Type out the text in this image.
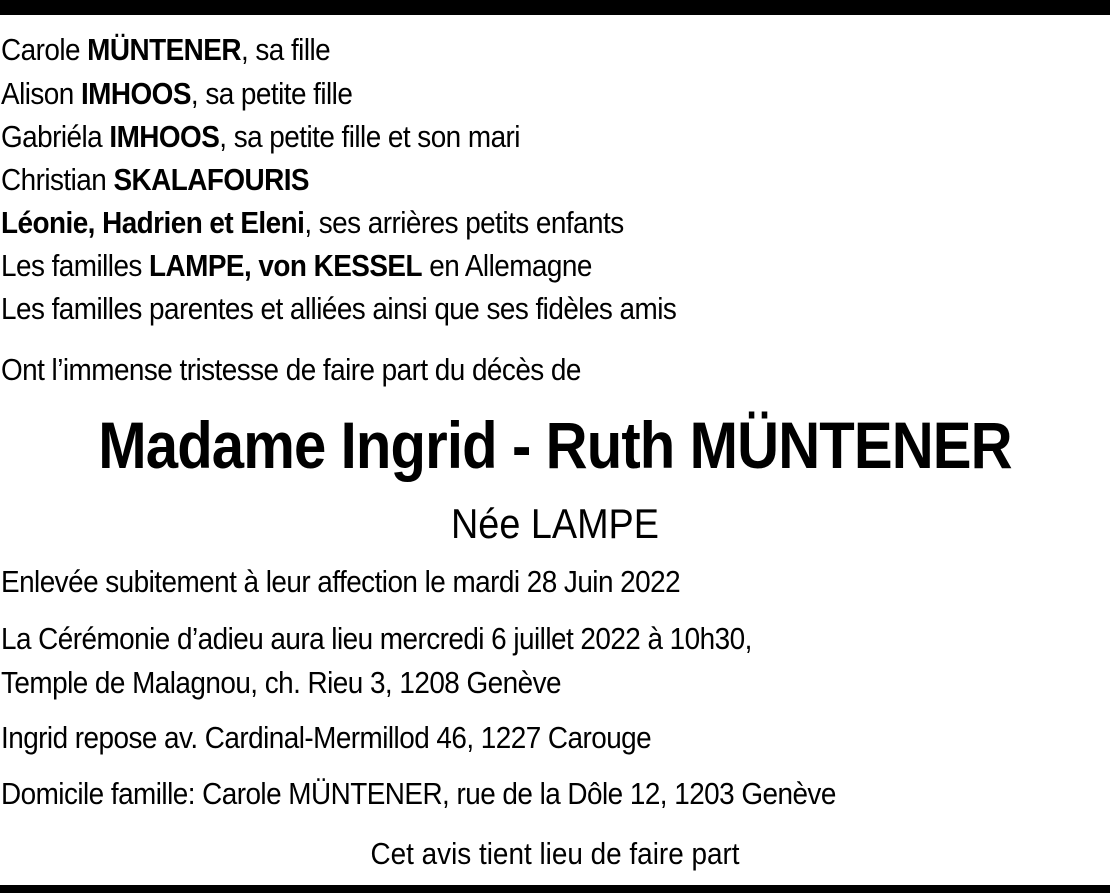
Carole MÜNTENER, sa fille
Alison IMHOOS, sa petite fille
Gabriéla IMHOOS, sa petite fille et son mari
Christian SKALAFOURIS
Léonie, Hadrien et Eleni, ses arrières petits enfants
Les familles LAMPE, von KESSEL en Allemagne
Les familles parentes et alliées ainsi que ses fidèles amis
Ont l’immense tristesse de faire part du décès de
Madame Ingrid - Ruth MÜNTENER
Née LAMPE
Enlevée subitement à leur affection le mardi 28 Juin 2022
La Cérémonie d’adieu aura lieu mercredi 6 juillet 2022 à 10h30,
Temple de Malagnou, ch. Rieu 3, 1208 Genève
Ingrid repose av. Cardinal-Mermillod 46, 1227 Carouge
Domicile famille: Carole MÜNTENER, rue de la Dôle 12, 1203 Genève
Cet avis tient lieu de faire part
